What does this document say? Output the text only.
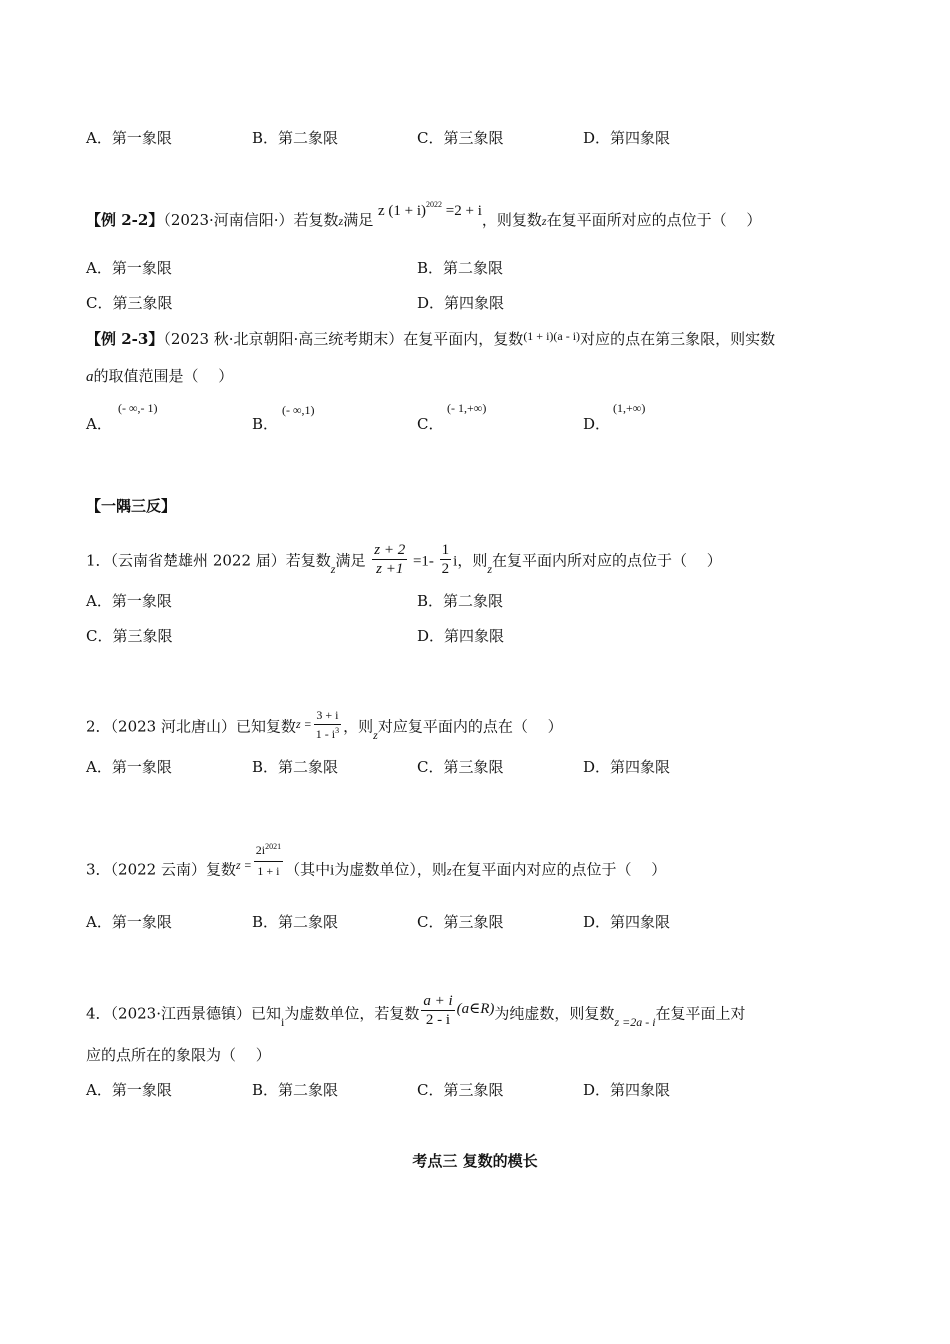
A．第一象限	B．第二象限	C．第三象限	D．第四象限
【例 2-2】（2023·河南信阳·）若复数z满足 z $(1 + i)^{2022} =2 + i$，则复数z在复平面所对应的点位于（　 ）
A．第一象限	B．第二象限
C．第三象限	D．第四象限
【例 2-3】（2023 秋·北京朝阳·高三统考期末）在复平面内，复数$^{(1 + i)(a - i)}$对应的点在第三象限，则实数
a的取值范围是（　 ）
A．
(- ∞,- 1)
B．
(- ∞,1)
C．
(- 1,+∞)
D．
(1,+∞)
【一隅三反】
1．（云南省楚雄州 2022 届）若复数$_z$满足 $\frac{z + 2}{z +1} =1- \frac{1}{2}$ i，则$_z$在复平面内所对应的点位于（　 ）
A．第一象限	B．第二象限
C．第三象限	D．第四象限
2．（2023 河北唐山）已知复数$^{z =} \frac{3 + i}{1 - i^3}$ ，则$_z$对应复平面内的点在（　 ）
A．第一象限	B．第二象限	C．第三象限	D．第四象限
3．（2022 云南）复数$^{z =} \frac{2i^{2021}}{1 + i}$ （其中i为虚数单位），则z在复平面内对应的点位于（　 ）
A．第一象限	B．第二象限	C．第三象限	D．第四象限
4．（2023·江西景德镇）已知$_i$为虚数单位，若复数 $\frac{a + i}{2 - i}$ (a∈R)为纯虚数，则复数$_{z =2a - i}$在复平面上对
应的点所在的象限为（　 ）
A．第一象限	B．第二象限	C．第三象限	D．第四象限
考点三 复数的模长
